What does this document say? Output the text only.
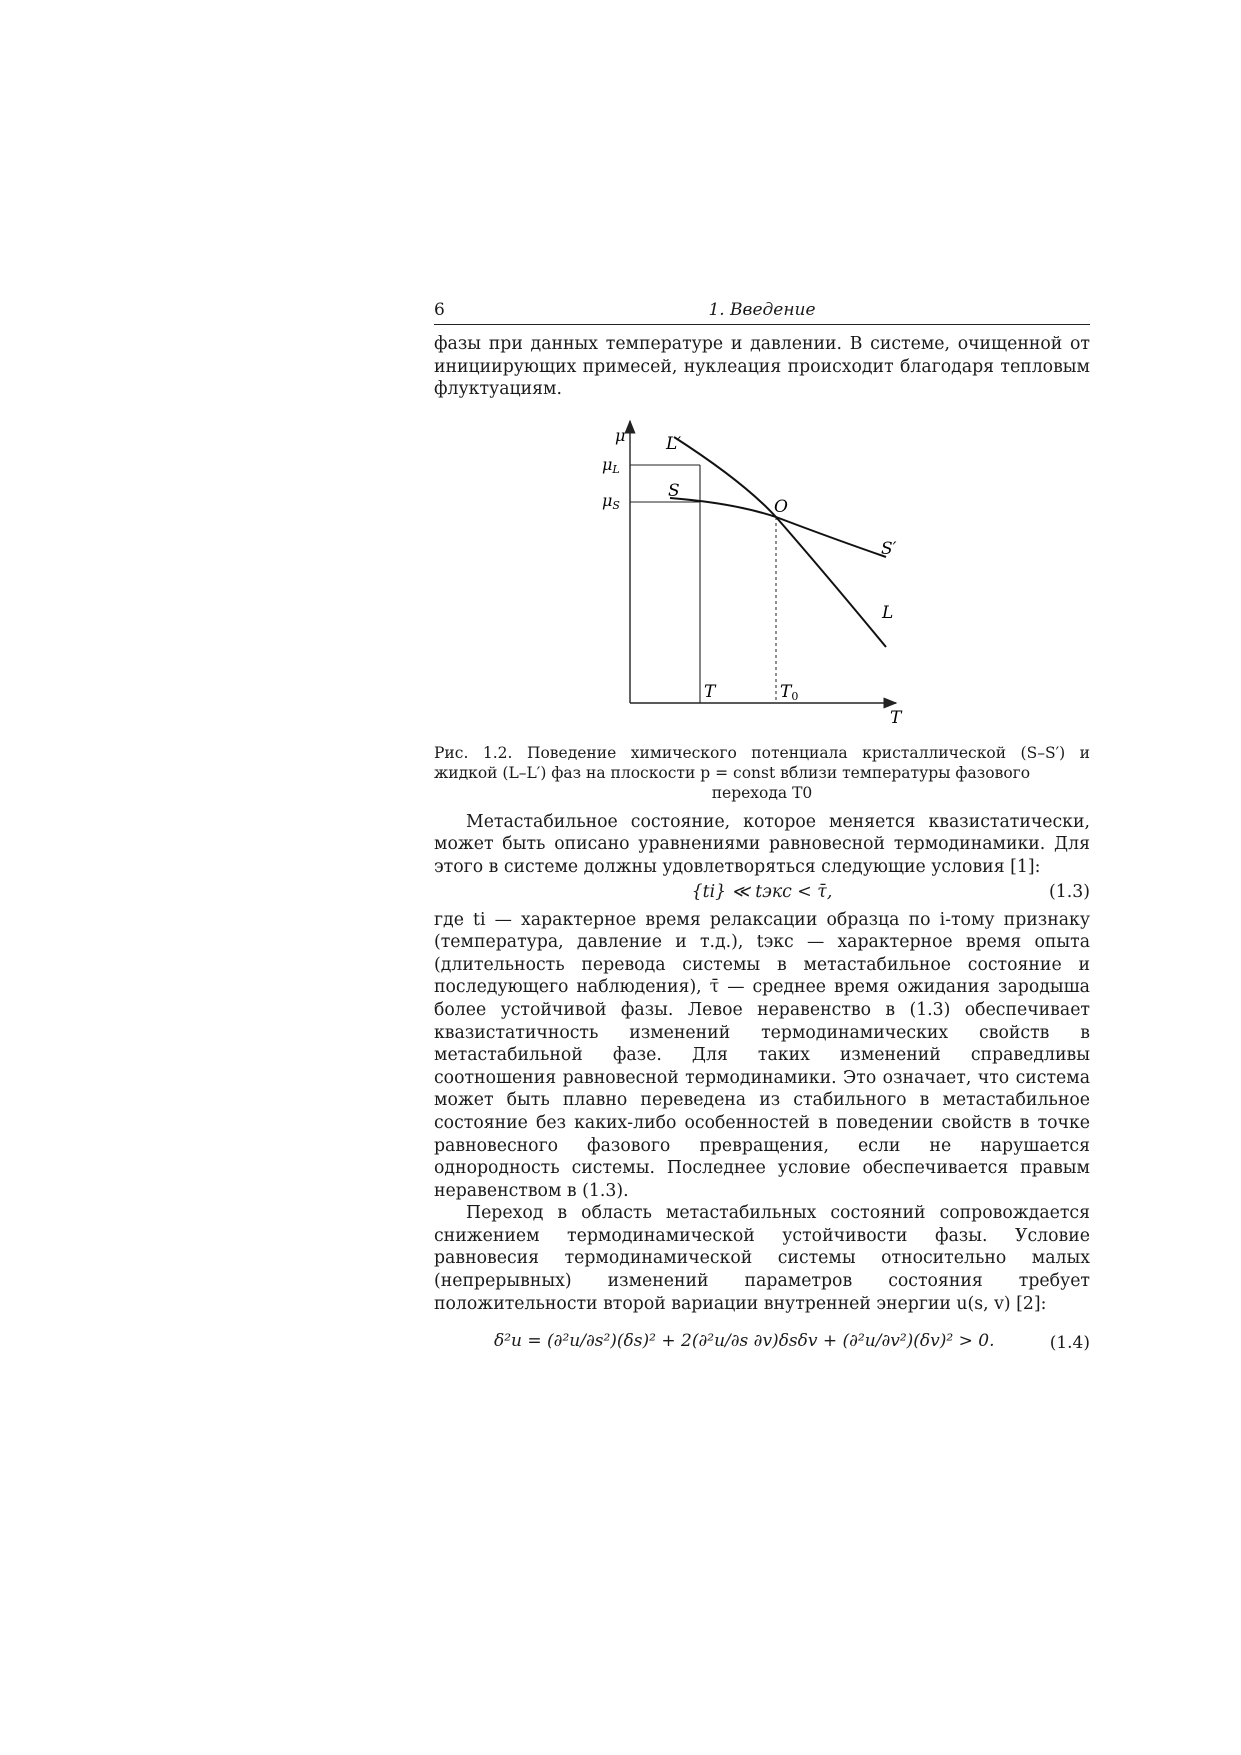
6	1. Введение

фазы при данных температуре и давлении. В системе, очищенной от инициирующих примесей, нуклеация происходит благодаря тепловым флуктуациям.

μ
μL
μS
L′
S
O
S′
L
T	T0
T
Рис. 1.2. Поведение химического потенциала кристаллической (S–S′) и жидкой (L–L′) фаз на плоскости p = const вблизи температуры фазового
перехода T0

Метастабильное состояние, которое меняется квазистатически, может быть описано уравнениями равновесной термодинамики. Для этого в системе должны удовлетворяться следующие условия [1]:

{ti} ≪ tэкс < τ̄,	(1.3)

где ti — характерное время релаксации образца по i-тому признаку (температура, давление и т.д.), tэкс — характерное время опыта (длительность перевода системы в метастабильное состояние и последующего наблюдения), τ̄ — среднее время ожидания зародыша более устойчивой фазы. Левое неравенство в (1.3) обеспечивает квазистатичность изменений термодинамических свойств в метастабильной фазе. Для таких изменений справедливы соотношения равновесной термодинамики. Это означает, что система может быть плавно переведена из стабильного в метастабильное состояние без каких-либо особенностей в поведении свойств в точке равновесного фазового превращения, если не нарушается однородность системы. Последнее условие обеспечивается правым неравенством в (1.3).

Переход в область метастабильных состояний сопровождается снижением термодинамической устойчивости фазы. Условие равновесия термодинамической системы относительно малых (непрерывных) изменений параметров состояния требует положительности второй вариации внутренней энергии u(s, v) [2]:

δ²u = (∂²u/∂s²)(δs)² + 2(∂²u/∂s ∂v)δsδv + (∂²u/∂v²)(δv)² > 0.	(1.4)
